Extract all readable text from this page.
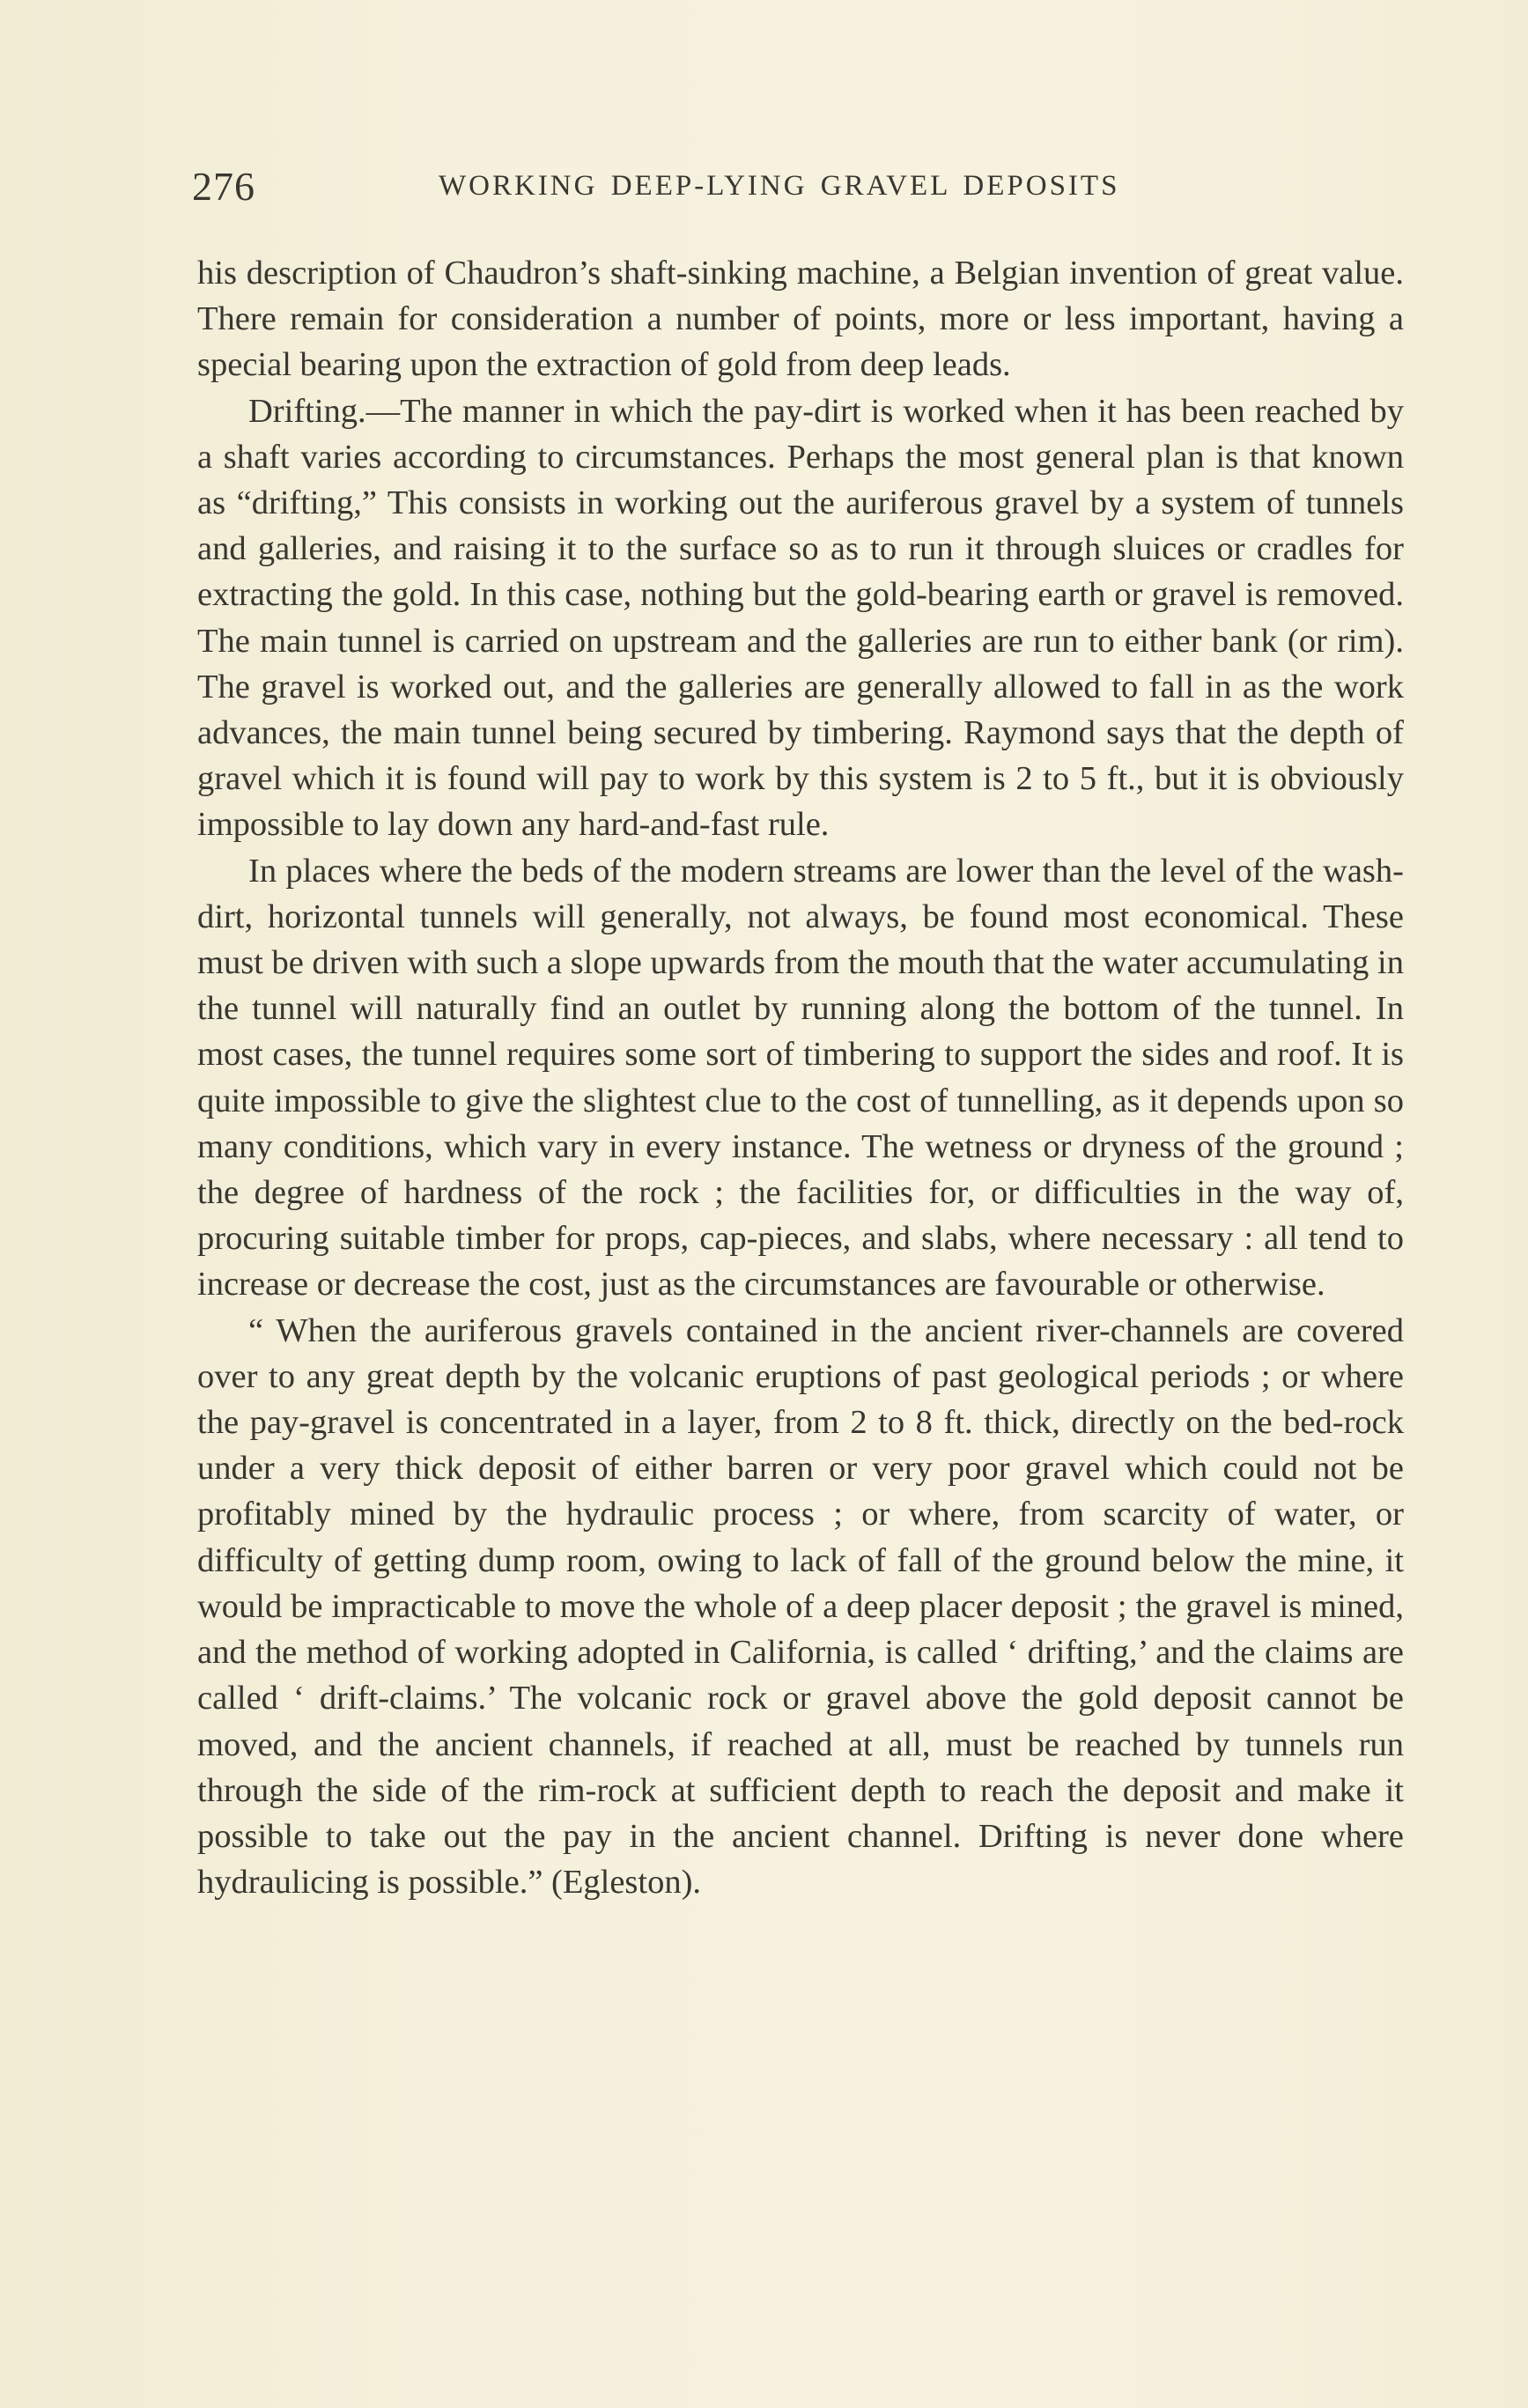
276	WORKING DEEP-LYING GRAVEL DEPOSITS

his description of Chaudron’s shaft-sinking machine, a Belgian invention of great value. There remain for consideration a number of points, more or less important, having a special bearing upon the extraction of gold from deep leads.

Drifting.—The manner in which the pay-dirt is worked when it has been reached by a shaft varies according to circumstances. Perhaps the most general plan is that known as “drifting,” This consists in working out the auriferous gravel by a system of tunnels and galleries, and raising it to the surface so as to run it through sluices or cradles for extracting the gold. In this case, nothing but the gold-bearing earth or gravel is removed. The main tunnel is carried on upstream and the galleries are run to either bank (or rim). The gravel is worked out, and the galleries are generally allowed to fall in as the work advances, the main tunnel being secured by timbering. Raymond says that the depth of gravel which it is found will pay to work by this system is 2 to 5 ft., but it is obviously impossible to lay down any hard-and-fast rule.

In places where the beds of the modern streams are lower than the level of the wash-dirt, horizontal tunnels will generally, not always, be found most economical. These must be driven with such a slope upwards from the mouth that the water accumulating in the tunnel will naturally find an outlet by running along the bottom of the tunnel. In most cases, the tunnel requires some sort of timbering to support the sides and roof. It is quite impossible to give the slightest clue to the cost of tunnelling, as it depends upon so many conditions, which vary in every instance. The wetness or dryness of the ground ; the degree of hardness of the rock ; the facilities for, or difficulties in the way of, procuring suitable timber for props, cap-pieces, and slabs, where necessary : all tend to increase or decrease the cost, just as the circumstances are favourable or otherwise.

“ When the auriferous gravels contained in the ancient river-channels are covered over to any great depth by the volcanic eruptions of past geological periods ; or where the pay-gravel is concentrated in a layer, from 2 to 8 ft. thick, directly on the bed-rock under a very thick deposit of either barren or very poor gravel which could not be profitably mined by the hydraulic process ; or where, from scarcity of water, or difficulty of getting dump room, owing to lack of fall of the ground below the mine, it would be impracticable to move the whole of a deep placer deposit ; the gravel is mined, and the method of working adopted in California, is called ‘ drifting,’ and the claims are called ‘ drift-claims.’ The volcanic rock or gravel above the gold deposit cannot be moved, and the ancient channels, if reached at all, must be reached by tunnels run through the side of the rim-rock at sufficient depth to reach the deposit and make it possible to take out the pay in the ancient channel. Drifting is never done where hydraulicing is possible.” (Egleston).
